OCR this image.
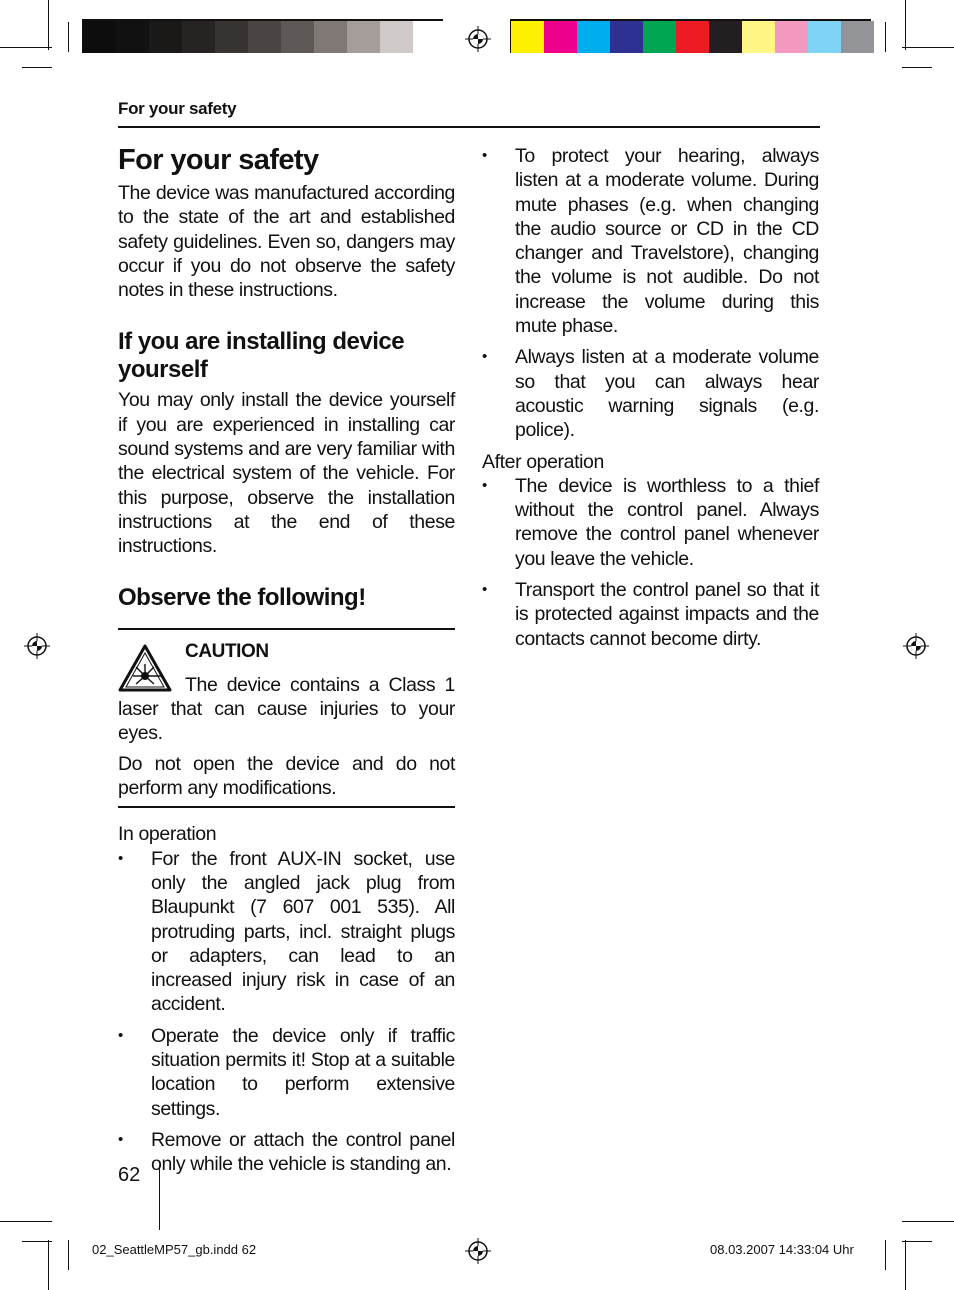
For your safety
For your safety

The device was manufactured according to the state of the art and established safety guidelines. Even so, dangers may occur if you do not observe the safety notes in these instructions.

If you are installing device yourself

You may only install the device yourself if you are experienced in installing car sound systems and are very familiar with the electrical system of the vehicle. For this purpose, observe the installation instructions at the end of these instructions.

Observe the following!
CAUTION

The device contains a Class 1 laser that can cause injuries to your eyes.

Do not open the device and do not perform any modifications.

In operation
• For the front AUX-IN socket, use only the angled jack plug from Blaupunkt (7 607 001 535). All protruding parts, incl. straight plugs or adapters, can lead to an increased injury risk in case of an accident.
• Operate the device only if traffic situation permits it! Stop at a suitable location to perform extensive settings.
• Remove or attach the control panel only while the vehicle is standing an.
• To protect your hearing, always listen at a moderate volume. During mute phases (e.g. when changing the audio source or CD in the CD changer and Travelstore), changing the volume is not audible. Do not increase the volume during this mute phase.
• Always listen at a moderate volume so that you can always hear acoustic warning signals (e.g. police).
After operation
• The device is worthless to a thief without the control panel. Always remove the control panel whenever you leave the vehicle.
• Transport the control panel so that it is protected against impacts and the contacts cannot become dirty.
62
02_SeattleMP57_gb.indd 62	08.03.2007 14:33:04 Uhr
